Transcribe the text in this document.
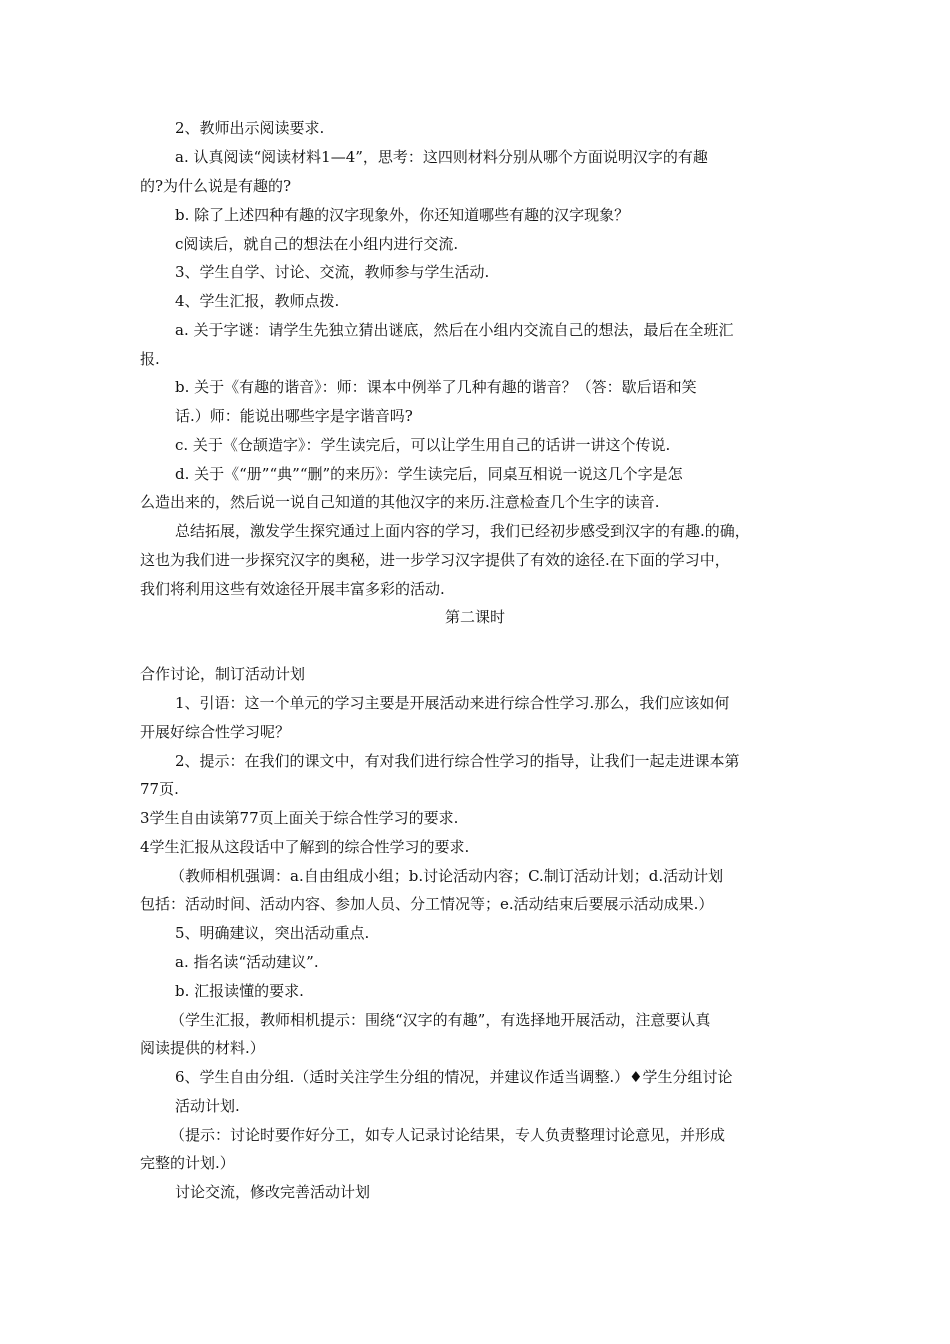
2、教师出示阅读要求.
a. 认真阅读“阅读材料1—4”，思考：这四则材料分别从哪个方面说明汉字的有趣
的?为什么说是有趣的?
b. 除了上述四种有趣的汉字现象外，你还知道哪些有趣的汉字现象？
c阅读后，就自己的想法在小组内进行交流.
3、学生自学、讨论、交流，教师参与学生活动.
4、学生汇报，教师点拨.
a. 关于字谜：请学生先独立猜出谜底，然后在小组内交流自己的想法，最后在全班汇
报.
b. 关于《有趣的谐音》：师：课本中例举了几种有趣的谐音？（答：歇后语和笑
话.）师：能说出哪些字是字谐音吗?
c. 关于《仓颉造字》：学生读完后，可以让学生用自己的话讲一讲这个传说.
d. 关于《“册”“典”“删”的来历》：学生读完后，同桌互相说一说这几个字是怎
么造出来的，然后说一说自己知道的其他汉字的来历.注意检查几个生字的读音.
总结拓展，激发学生探究通过上面内容的学习，我们已经初步感受到汉字的有趣.的确，
这也为我们进一步探究汉字的奥秘，进一步学习汉字提供了有效的途径.在下面的学习中，
我们将利用这些有效途径开展丰富多彩的活动.
第二课时
合作讨论，制订活动计划
1、引语：这一个单元的学习主要是开展活动来进行综合性学习.那么，我们应该如何
开展好综合性学习呢？
2、提示：在我们的课文中，有对我们进行综合性学习的指导，让我们一起走进课本第
77页.
3学生自由读第77页上面关于综合性学习的要求.
4学生汇报从这段话中了解到的综合性学习的要求.
（教师相机强调：a.自由组成小组；b.讨论活动内容；C.制订活动计划；d.活动计划
包括：活动时间、活动内容、参加人员、分工情况等；e.活动结束后要展示活动成果.）
5、明确建议，突出活动重点.
a. 指名读“活动建议”.
b. 汇报读懂的要求.
（学生汇报，教师相机提示：围绕“汉字的有趣”，有选择地开展活动，注意要认真
阅读提供的材料.）
6、学生自由分组.（适时关注学生分组的情况，并建议作适当调整.）♦学生分组讨论
活动计划.
（提示：讨论时要作好分工，如专人记录讨论结果，专人负责整理讨论意见，并形成
完整的计划.）
讨论交流，修改完善活动计划
